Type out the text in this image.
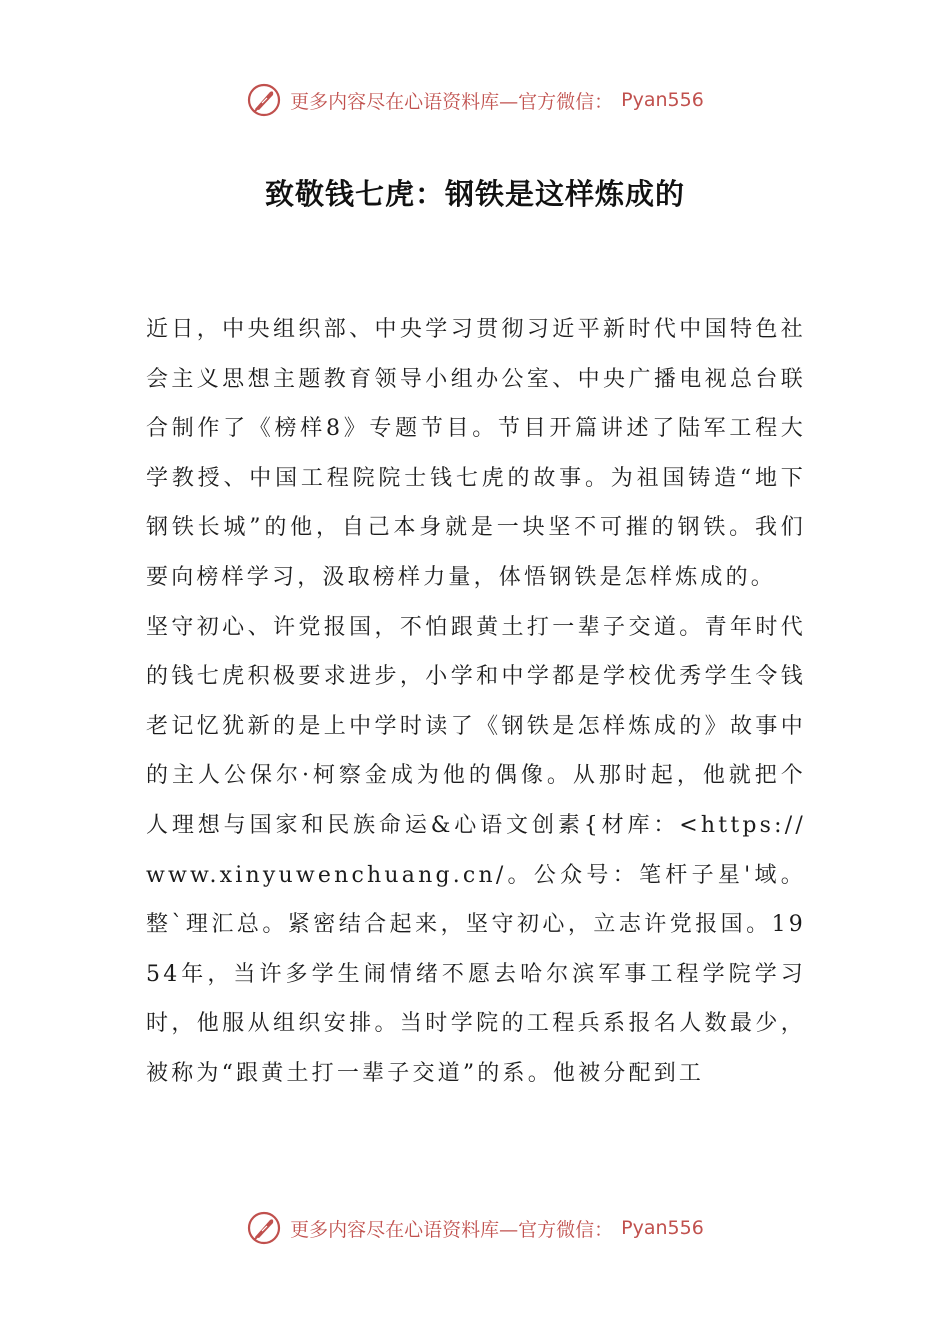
更多内容尽在心语资料库—官方微信： Pyan556
致敬钱七虎：钢铁是这样炼成的

近日，中央组织部、中央学习贯彻习近平新时代中国特色社会主义思想主题教育领导小组办公室、中央广播电视总台联合制作了《榜样8》专题节目。节目开篇讲述了陆军工程大学教授、中国工程院院士钱七虎的故事。为祖国铸造“地下钢铁长城”的他，自己本身就是一块坚不可摧的钢铁。我们要向榜样学习，汲取榜样力量，体悟钢铁是怎样炼成的。

坚守初心、许党报国，不怕跟黄土打一辈子交道。青年时代的钱七虎积极要求进步，小学和中学都是学校优秀学生令钱老记忆犹新的是上中学时读了《钢铁是怎样炼成的》故事中的主人公保尔·柯察金成为他的偶像。从那时起，他就把个人理想与国家和民族命运&心语文创素{材库：<https://www.xinyuwenchuang.cn/。公众号：笔杆子星'域。整`理汇总。紧密结合起来，坚守初心，立志许党报国。1954年，当许多学生闹情绪不愿去哈尔滨军事工程学院学习时，他服从组织安排。当时学院的工程兵系报名人数最少，被称为“跟黄土打一辈子交道”的系。他被分配到工

更多内容尽在心语资料库—官方微信： Pyan556
